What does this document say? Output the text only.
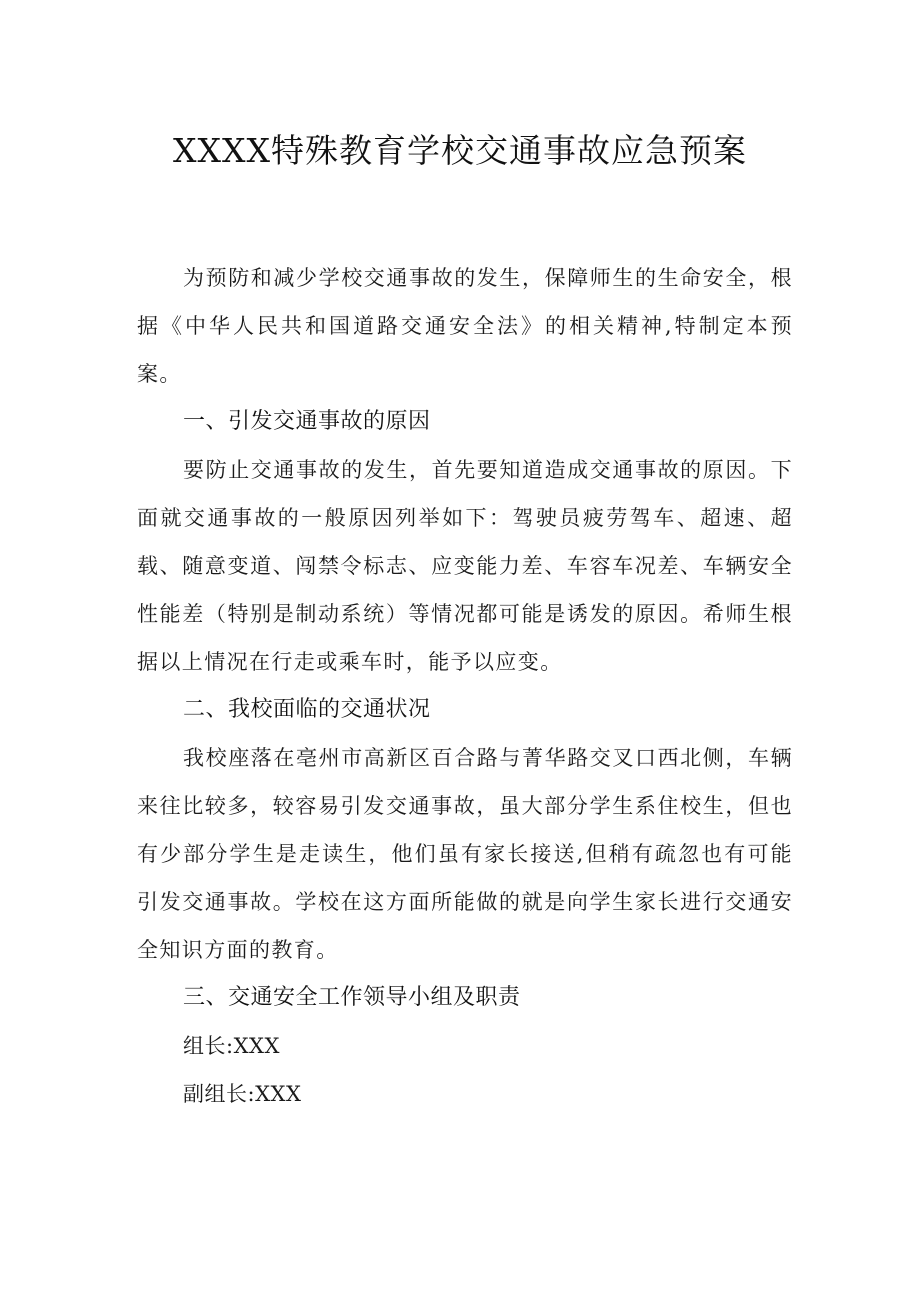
XXXX特殊教育学校交通事故应急预案

为预防和减少学校交通事故的发生，保障师生的生命安全，根据《中华人民共和国道路交通安全法》的相关精神,特制定本预案。

一、引发交通事故的原因

要防止交通事故的发生，首先要知道造成交通事故的原因。下面就交通事故的一般原因列举如下：驾驶员疲劳驾车、超速、超载、随意变道、闯禁令标志、应变能力差、车容车况差、车辆安全性能差（特别是制动系统）等情况都可能是诱发的原因。希师生根据以上情况在行走或乘车时，能予以应变。

二、我校面临的交通状况

我校座落在亳州市高新区百合路与菁华路交叉口西北侧，车辆来往比较多，较容易引发交通事故，虽大部分学生系住校生，但也有少部分学生是走读生，他们虽有家长接送,但稍有疏忽也有可能引发交通事故。学校在这方面所能做的就是向学生家长进行交通安全知识方面的教育。

三、交通安全工作领导小组及职责

组长:XXX

副组长:XXX
